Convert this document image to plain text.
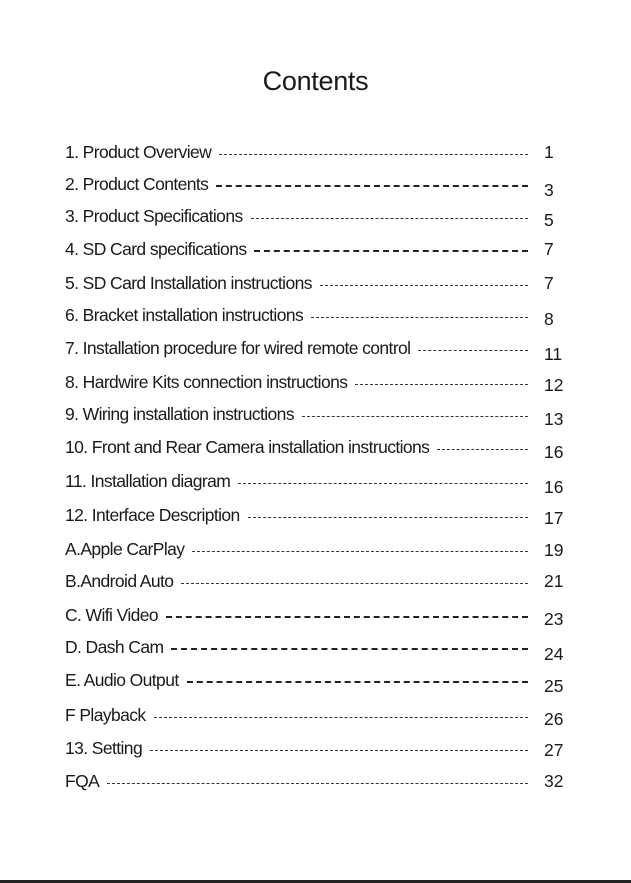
Contents
1. Product Overview	1
2. Product Contents	3
3. Product Specifications	5
4. SD Card specifications	7
5. SD Card Installation instructions	7
6. Bracket installation instructions	8
7. Installation procedure for wired remote control	11
8. Hardwire Kits connection instructions	12
9. Wiring installation instructions	13
10. Front and Rear Camera installation instructions	16
11. Installation diagram	16
12. Interface Description	17
A.Apple CarPlay	19
B.Android Auto	21
C. Wifi Video	23
D. Dash Cam	24
E. Audio Output	25
F Playback	26
13. Setting	27
FQA	32
